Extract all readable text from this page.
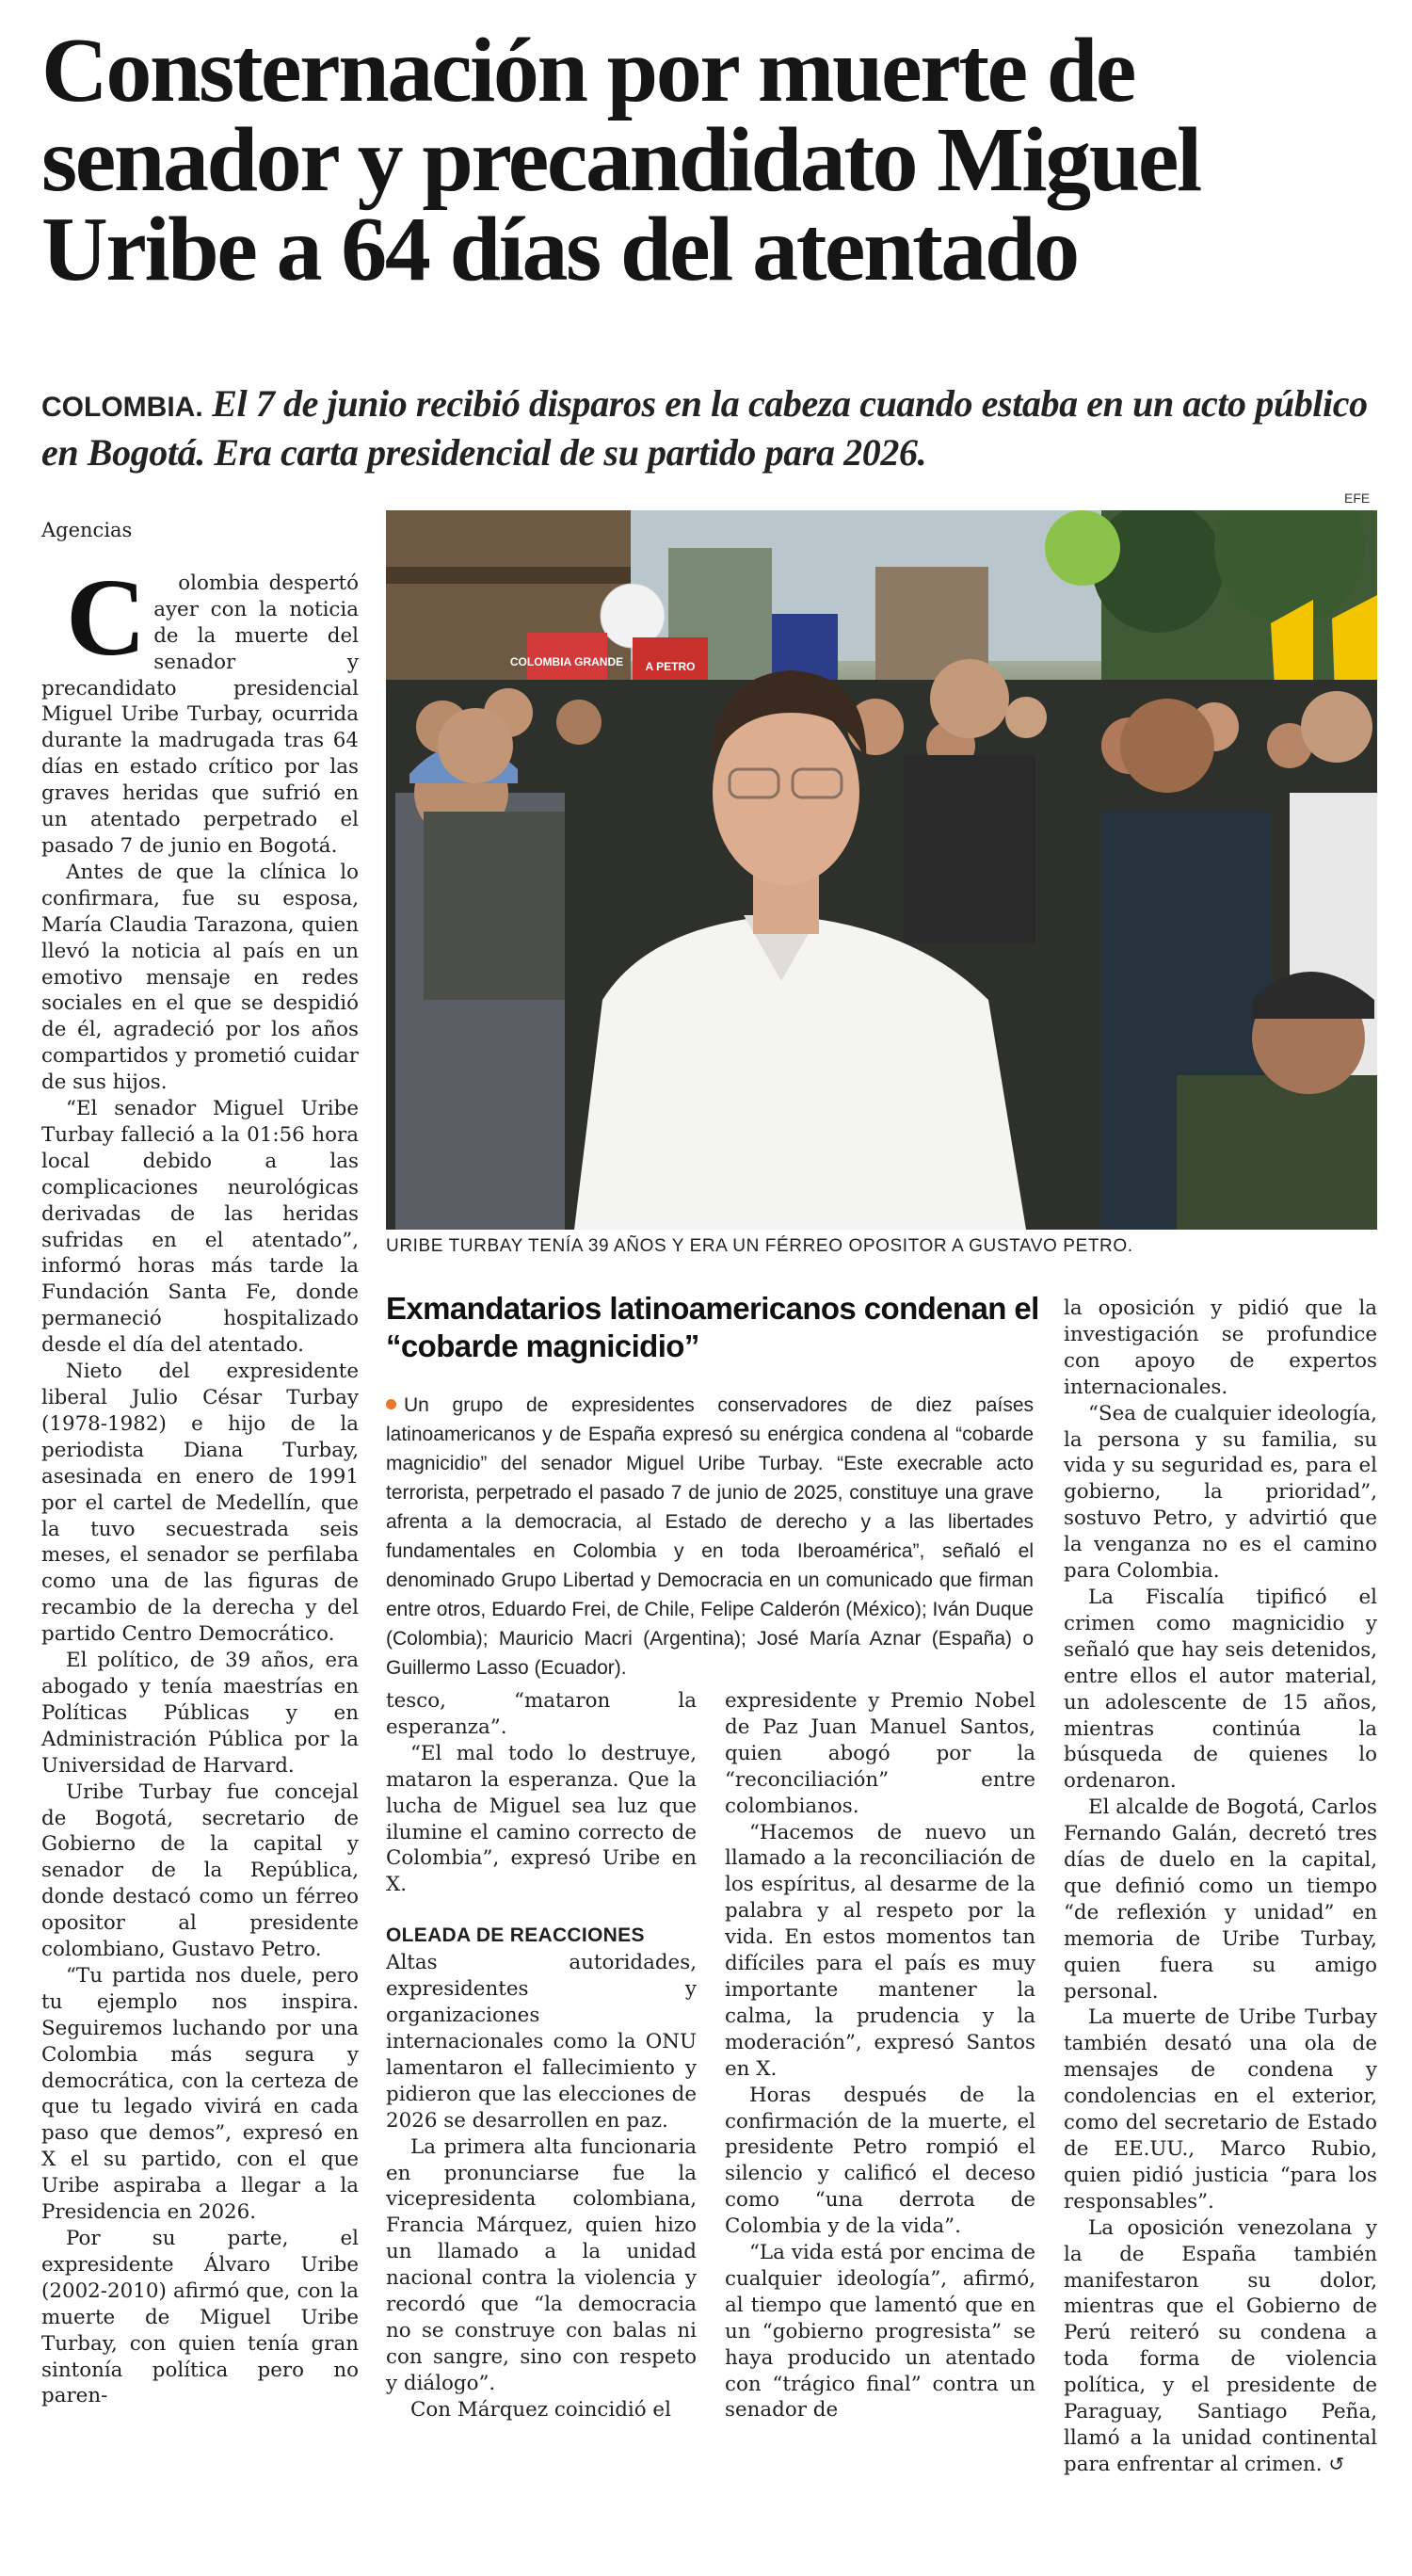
Consternación por muerte de senador y precandidato Miguel Uribe a 64 días del atentado
COLOMBIA. El 7 de junio recibió disparos en la cabeza cuando estaba en un acto público en Bogotá. Era carta presidencial de su partido para 2026.
Agencias

Colombia despertó ayer con la noticia de la muerte del senador y precandidato presidencial Miguel Uribe Turbay, ocurrida durante la madrugada tras 64 días en estado crítico por las graves heridas que sufrió en un atentado perpetrado el pasado 7 de junio en Bogotá.

Antes de que la clínica lo confirmara, fue su esposa, María Claudia Tarazona, quien llevó la noticia al país en un emotivo mensaje en redes sociales en el que se despidió de él, agradeció por los años compartidos y prometió cuidar de sus hijos.

“El senador Miguel Uribe Turbay falleció a la 01:56 hora local debido a las complicaciones neurológicas derivadas de las heridas sufridas en el atentado”, informó horas más tarde la Fundación Santa Fe, donde permaneció hospitalizado desde el día del atentado.

Nieto del expresidente liberal Julio César Turbay (1978-1982) e hijo de la periodista Diana Turbay, asesinada en enero de 1991 por el cartel de Medellín, que la tuvo secuestrada seis meses, el senador se perfilaba como una de las figuras de recambio de la derecha y del partido Centro Democrático.

El político, de 39 años, era abogado y tenía maestrías en Políticas Públicas y en Administración Pública por la Universidad de Harvard.

Uribe Turbay fue concejal de Bogotá, secretario de Gobierno de la capital y senador de la República, donde destacó como un férreo opositor al presidente colombiano, Gustavo Petro.

“Tu partida nos duele, pero tu ejemplo nos inspira. Seguiremos luchando por una Colombia más segura y democrática, con la certeza de que tu legado vivirá en cada paso que demos”, expresó en X el su partido, con el que Uribe aspiraba a llegar a la Presidencia en 2026.

Por su parte, el expresidente Álvaro Uribe (2002-2010) afirmó que, con la muerte de Miguel Uribe Turbay, con quien tenía gran sintonía política pero no paren-

EFE
COLOMBIA GRANDE A PETRO
URIBE TURBAY TENÍA 39 AÑOS Y ERA UN FÉRREO OPOSITOR A GUSTAVO PETRO.
Exmandatarios latinoamericanos condenan el “cobarde magnicidio”
Un grupo de expresidentes conservadores de diez países latinoamericanos y de España expresó su enérgica condena al “cobarde magnicidio” del senador Miguel Uribe Turbay. “Este execrable acto terrorista, perpetrado el pasado 7 de junio de 2025, constituye una grave afrenta a la democracia, al Estado de derecho y a las libertades fundamentales en Colombia y en toda Iberoamérica”, señaló el denominado Grupo Libertad y Democracia en un comunicado que firman entre otros, Eduardo Frei, de Chile, Felipe Calderón (México); Iván Duque (Colombia); Mauricio Macri (Argentina); José María Aznar (España) o Guillermo Lasso (Ecuador).

tesco, “mataron la esperanza”.

“El mal todo lo destruye, mataron la esperanza. Que la lucha de Miguel sea luz que ilumine el camino correcto de Colombia”, expresó Uribe en X.

OLEADA DE REACCIONES

Altas autoridades, expresidentes y organizaciones internacionales como la ONU lamentaron el fallecimiento y pidieron que las elecciones de 2026 se desarrollen en paz.

La primera alta funcionaria en pronunciarse fue la vicepresidenta colombiana, Francia Márquez, quien hizo un llamado a la unidad nacional contra la violencia y recordó que “la democracia no se construye con balas ni con sangre, sino con respeto y diálogo”.

Con Márquez coincidió el

expresidente y Premio Nobel de Paz Juan Manuel Santos, quien abogó por la “reconciliación” entre colombianos.

“Hacemos de nuevo un llamado a la reconciliación de los espíritus, al desarme de la palabra y al respeto por la vida. En estos momentos tan difíciles para el país es muy importante mantener la calma, la prudencia y la moderación”, expresó Santos en X.

Horas después de la confirmación de la muerte, el presidente Petro rompió el silencio y calificó el deceso como “una derrota de Colombia y de la vida”.

“La vida está por encima de cualquier ideología”, afirmó, al tiempo que lamentó que en un “gobierno progresista” se haya producido un atentado con “trágico final” contra un senador de

la oposición y pidió que la investigación se profundice con apoyo de expertos internacionales.

“Sea de cualquier ideología, la persona y su familia, su vida y su seguridad es, para el gobierno, la prioridad”, sostuvo Petro, y advirtió que la venganza no es el camino para Colombia.

La Fiscalía tipificó el crimen como magnicidio y señaló que hay seis detenidos, entre ellos el autor material, un adolescente de 15 años, mientras continúa la búsqueda de quienes lo ordenaron.

El alcalde de Bogotá, Carlos Fernando Galán, decretó tres días de duelo en la capital, que definió como un tiempo “de reflexión y unidad” en memoria de Uribe Turbay, quien fuera su amigo personal.

La muerte de Uribe Turbay también desató una ola de mensajes de condena y condolencias en el exterior, como del secretario de Estado de EE.UU., Marco Rubio, quien pidió justicia “para los responsables”.

La oposición venezolana y la de España también manifestaron su dolor, mientras que el Gobierno de Perú reiteró su condena a toda forma de violencia política, y el presidente de Paraguay, Santiago Peña, llamó a la unidad continental para enfrentar al crimen. ↺
